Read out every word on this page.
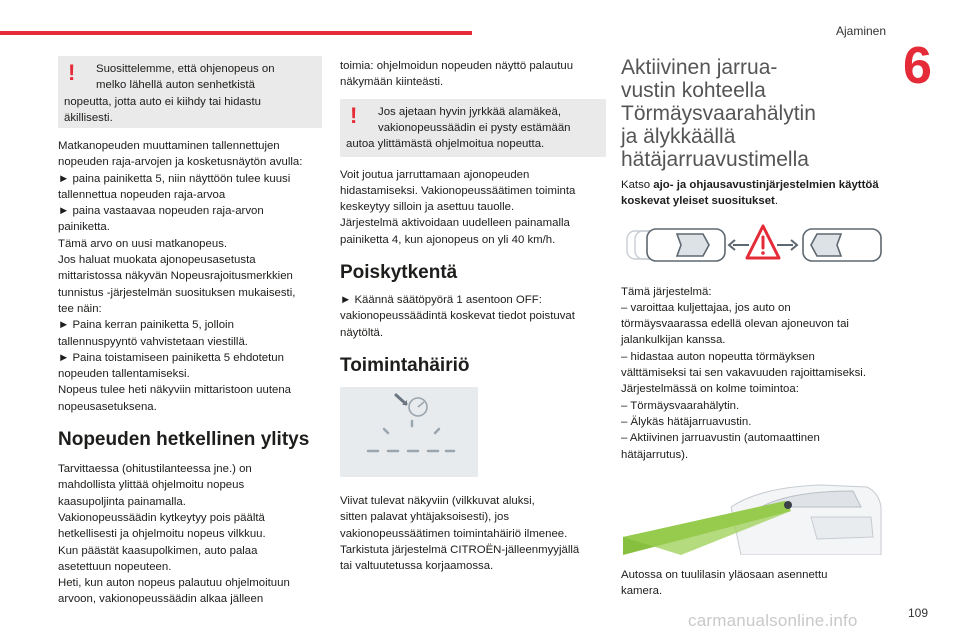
Ajaminen
6
!	Suosittelemme, että ohjenopeus on

melko lähellä auton senhetkistä

nopeutta, jotta auto ei kiihdy tai hidastu

äkillisesti.

Matkanopeuden muuttaminen tallennettujen

nopeuden raja-arvojen ja kosketusnäytön avulla:

► paina painiketta 5, niin näyttöön tulee kuusi

tallennettua nopeuden raja-arvoa

► paina vastaavaa nopeuden raja-arvon

painiketta.

Tämä arvo on uusi matkanopeus.

Jos haluat muokata ajonopeusasetusta

mittaristossa näkyvän Nopeusrajoitusmerkkien

tunnistus -järjestelmän suosituksen mukaisesti,

tee näin:

► Paina kerran painiketta 5, jolloin

tallennuspyyntö vahvistetaan viestillä.

► Paina toistamiseen painiketta 5 ehdotetun

nopeuden tallentamiseksi.

Nopeus tulee heti näkyviin mittaristoon uutena

nopeusasetuksena.

Nopeuden hetkellinen ylitys

Tarvittaessa (ohitustilanteessa jne.) on

mahdollista ylittää ohjelmoitu nopeus

kaasupoljinta painamalla.

Vakionopeussäädin kytkeytyy pois päältä

hetkellisesti ja ohjelmoitu nopeus vilkkuu.

Kun päästät kaasupolkimen, auto palaa

asetettuun nopeuteen.

Heti, kun auton nopeus palautuu ohjelmoituun

arvoon, vakionopeussäädin alkaa jälleen

toimia: ohjelmoidun nopeuden näyttö palautuu

näkymään kiinteästi.

!	Jos ajetaan hyvin jyrkkää alamäkeä,

vakionopeussäädin ei pysty estämään

autoa ylittämästä ohjelmoitua nopeutta.

Voit joutua jarruttamaan ajonopeuden

hidastamiseksi. Vakionopeussäätimen toiminta

keskeytyy silloin ja asettuu tauolle.

Järjestelmä aktivoidaan uudelleen painamalla

painiketta 4, kun ajonopeus on yli 40 km/h.

Poiskytkentä

► Käännä säätöpyörä 1 asentoon OFF:

vakionopeussäädintä koskevat tiedot poistuvat

näytöltä.

Toimintahäiriö

Viivat tulevat näkyviin (vilkkuvat aluksi,

sitten palavat yhtäjaksoisesti), jos

vakionopeussäätimen toimintahäiriö ilmenee.

Tarkistuta järjestelmä CITROËN-jälleenmyyjällä

tai valtuutetussa korjaamossa.

Aktiivinen jarrua-
vustin kohteella
Törmäysvaarahälytin
ja älykkäällä
hätäjarruavustimella

Katso ajo- ja ohjausavustinjärjestelmien käyttöä koskevat yleiset suositukset.

Tämä järjestelmä:

– varoittaa kuljettajaa, jos auto on

törmäysvaarassa edellä olevan ajoneuvon tai

jalankulkijan kanssa.

– hidastaa auton nopeutta törmäyksen

välttämiseksi tai sen vakavuuden rajoittamiseksi.

Järjestelmässä on kolme toimintoa:

– Törmäysvaarahälytin.

– Älykäs hätäjarruavustin.

– Aktiivinen jarruavustin (automaattinen

hätäjarrutus).

Autossa on tuulilasin yläosaan asennettu

kamera.

109
carmanualsonline.info
